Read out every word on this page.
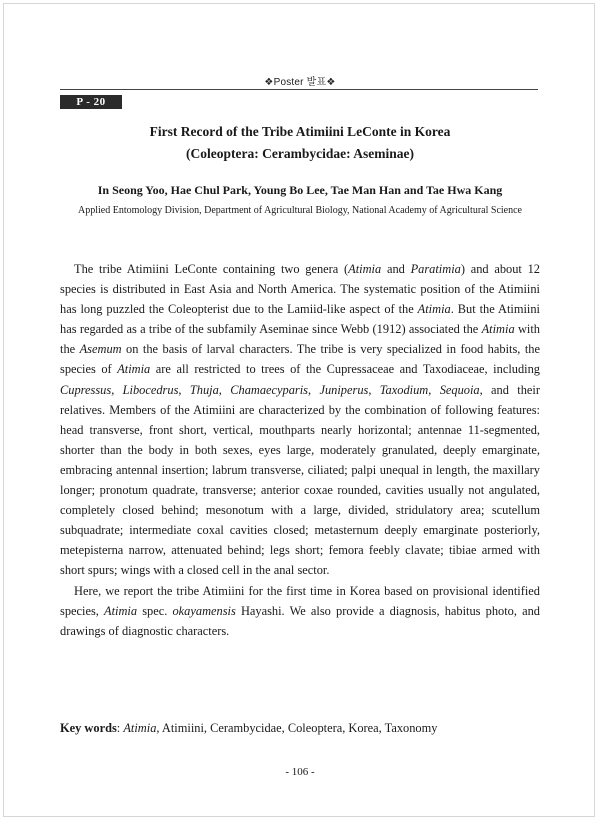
❖Poster 발표❖
P - 20
First Record of the Tribe Atimiini LeConte in Korea
(Coleoptera: Cerambycidae: Aseminae)
In Seong Yoo, Hae Chul Park, Young Bo Lee, Tae Man Han and Tae Hwa Kang
Applied Entomology Division, Department of Agricultural Biology, National Academy of Agricultural Science

The tribe Atimiini LeConte containing two genera (Atimia and Paratimia) and about 12 species is distributed in East Asia and North America. The systematic position of the Atimiini has long puzzled the Coleopterist due to the Lamiid-like aspect of the Atimia. But the Atimiini has regarded as a tribe of the subfamily Aseminae since Webb (1912) associated the Atimia with the Asemum on the basis of larval characters. The tribe is very specialized in food habits, the species of Atimia are all restricted to trees of the Cupressaceae and Taxodiaceae, including Cupressus, Libocedrus, Thuja, Chamaecyparis, Juniperus, Taxodium, Sequoia, and their relatives. Members of the Atimiini are characterized by the combination of following features: head transverse, front short, vertical, mouthparts nearly horizontal; antennae 11-segmented, shorter than the body in both sexes, eyes large, moderately granulated, deeply emarginate, embracing antennal insertion; labrum transverse, ciliated; palpi unequal in length, the maxillary longer; pronotum quadrate, transverse; anterior coxae rounded, cavities usually not angulated, completely closed behind; mesonotum with a large, divided, stridulatory area; scutellum subquadrate; intermediate coxal cavities closed; metasternum deeply emarginate posteriorly, metepisterna narrow, attenuated behind; legs short; femora feebly clavate; tibiae armed with short spurs; wings with a closed cell in the anal sector.

Here, we report the tribe Atimiini for the first time in Korea based on provisional identified species, Atimia spec. okayamensis Hayashi. We also provide a diagnosis, habitus photo, and drawings of diagnostic characters.

Key words: Atimia, Atimiini, Cerambycidae, Coleoptera, Korea, Taxonomy
- 106 -
